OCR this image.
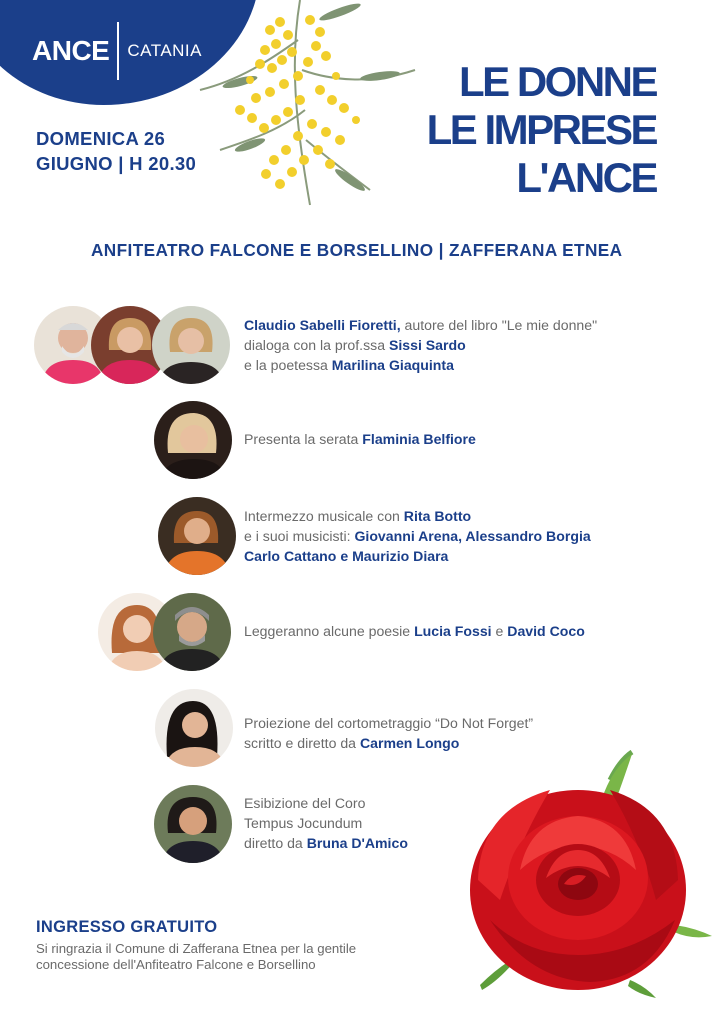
ANCE CATANIA
DOMENICA 26
GIUGNO | H 20.30
LE DONNE
LE IMPRESE
L'ANCE
ANFITEATRO FALCONE E BORSELLINO | ZAFFERANA ETNEA
Claudio Sabelli Fioretti, autore del libro "Le mie donne"
dialoga con la prof.ssa Sissi Sardo
e la poetessa Marilina Giaquinta
Presenta la serata Flaminia Belfiore
Intermezzo musicale con Rita Botto
e i suoi musicisti: Giovanni Arena, Alessandro Borgia
Carlo Cattano e Maurizio Diara
Leggeranno alcune poesie Lucia Fossi e David Coco
Proiezione del cortometraggio “Do Not Forget”
scritto e diretto da Carmen Longo
Esibizione del Coro
Tempus Jocundum
diretto da Bruna D'Amico
INGRESSO GRATUITO
Si ringrazia il Comune di Zafferana Etnea per la gentile
concessione dell'Anfiteatro Falcone e Borsellino
